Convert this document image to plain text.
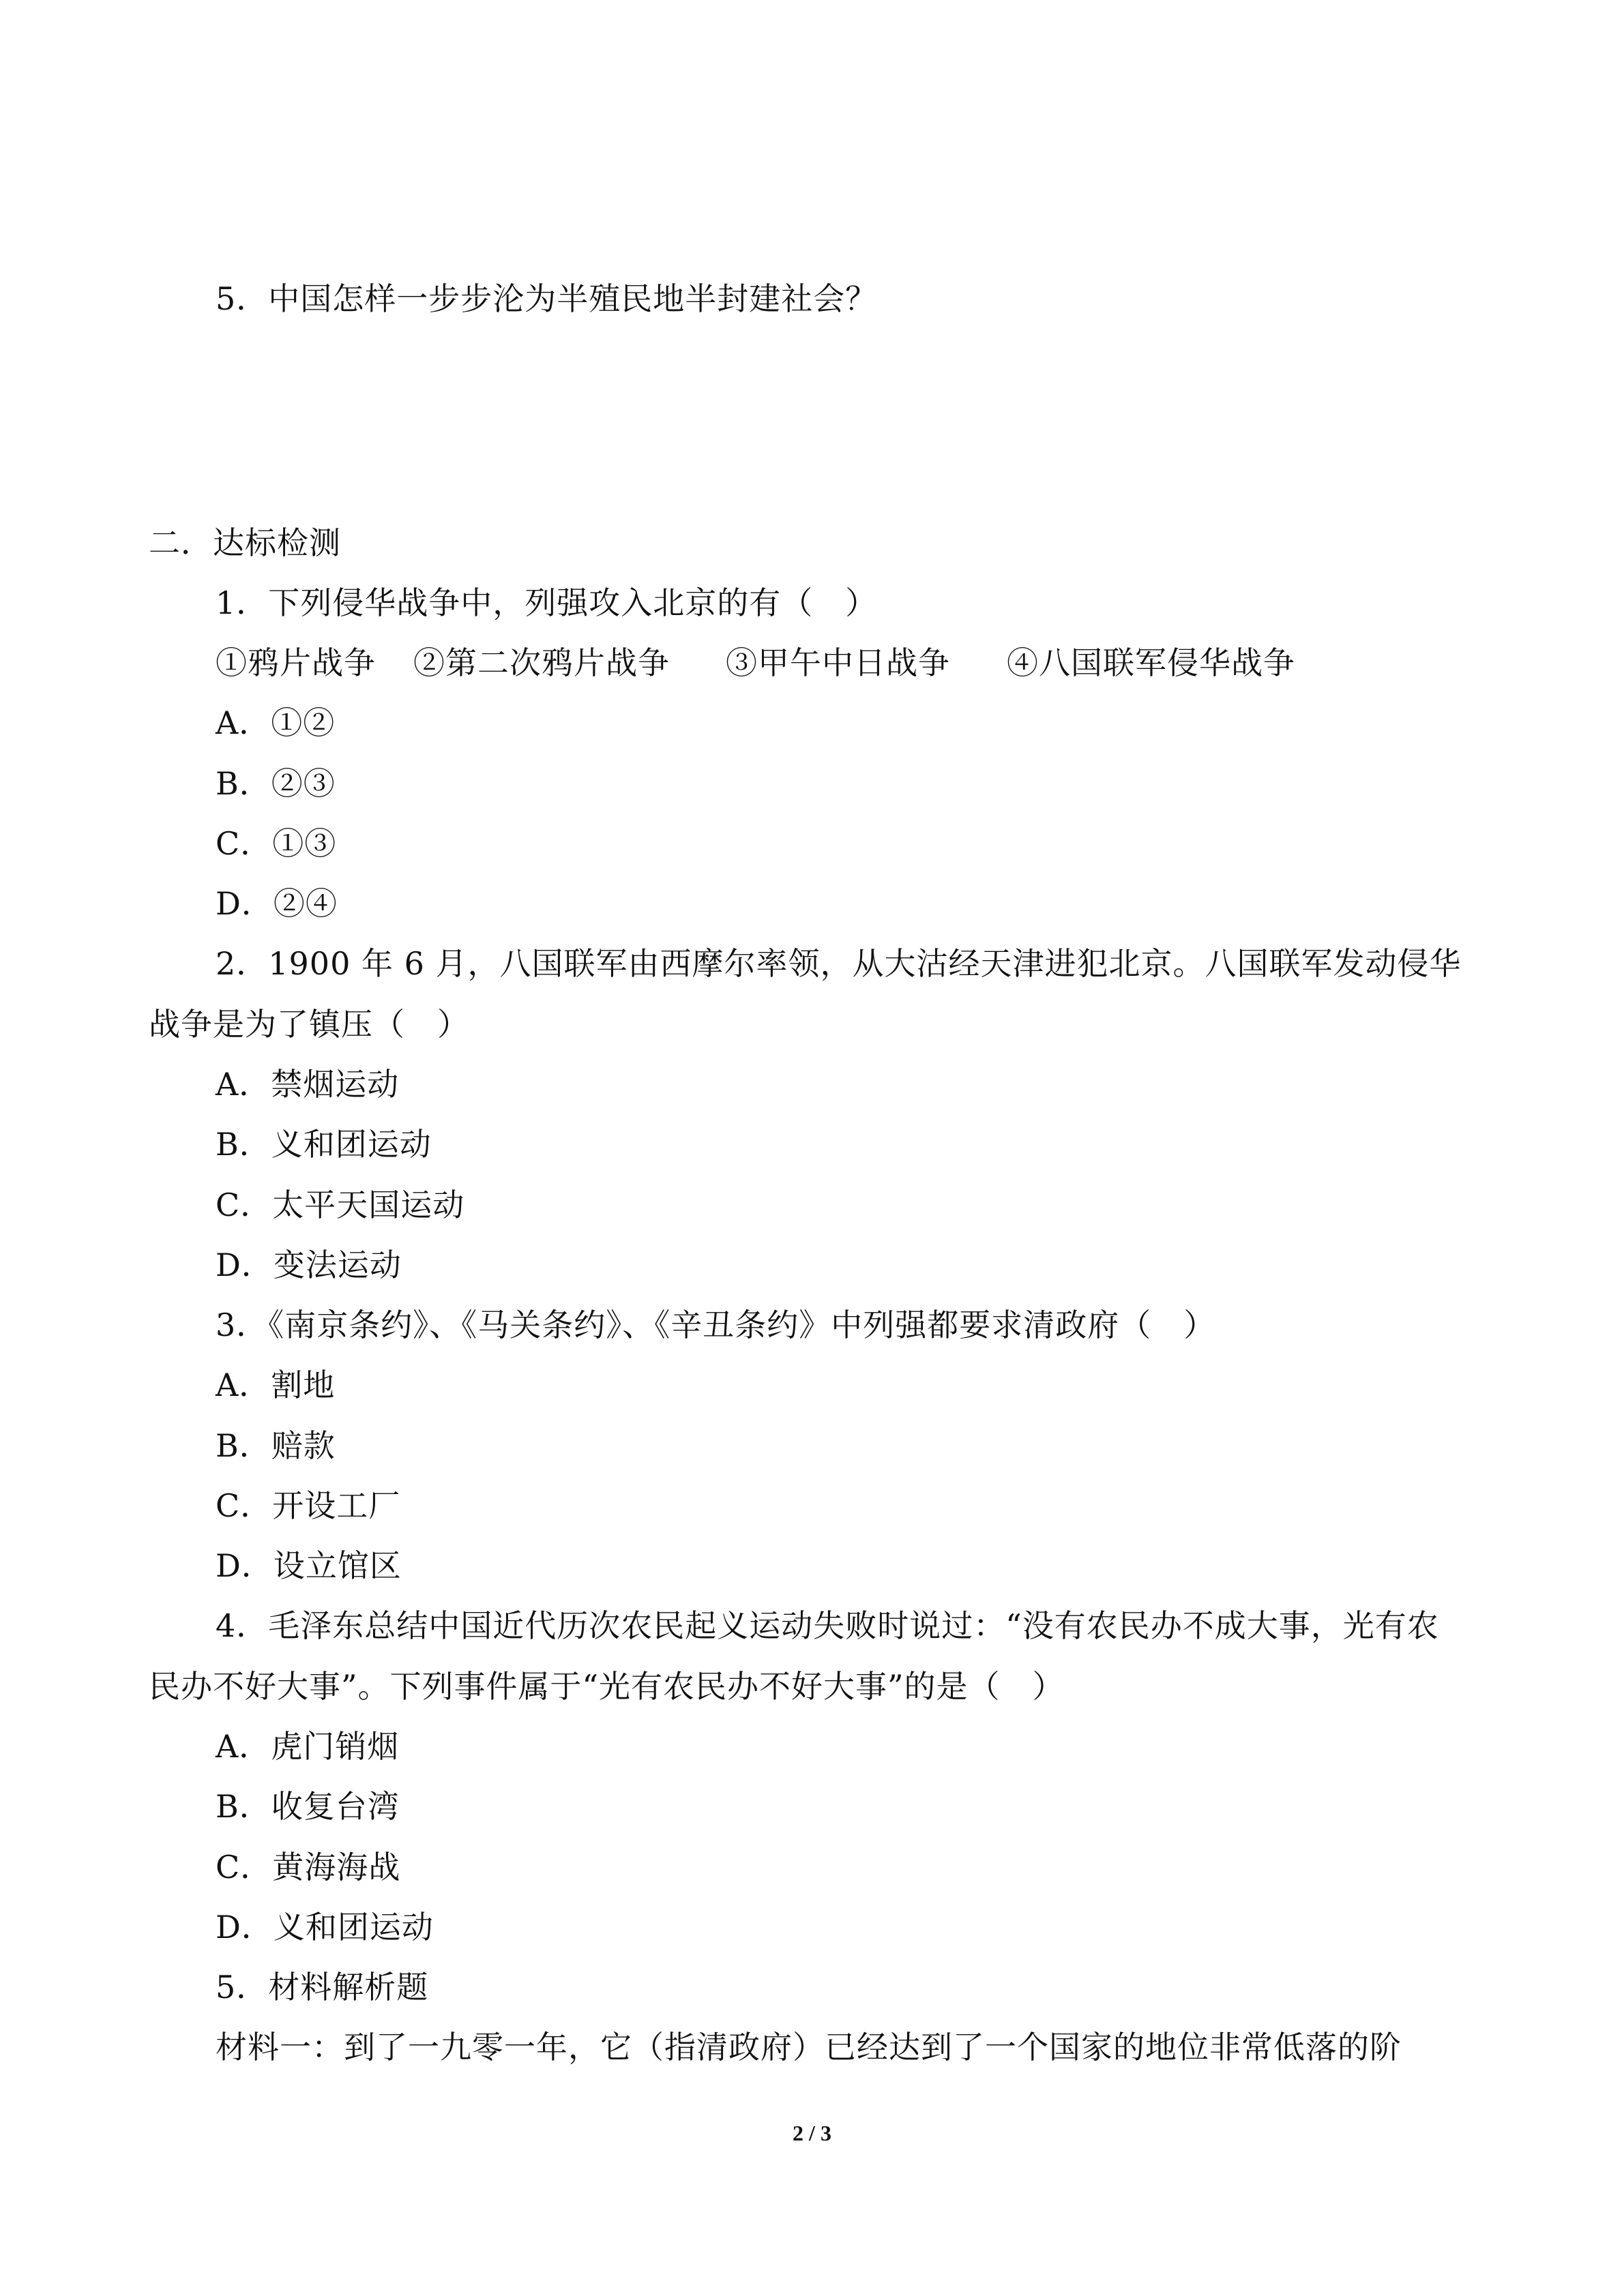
5．中国怎样一步步沦为半殖民地半封建社会？
二．达标检测
1．下列侵华战争中，列强攻入北京的有（　）
①鸦片战争 ②第二次鸦片战争 ③甲午中日战争 ④八国联军侵华战争
A．①②
B．②③
C．①③
D．②④
2．1900 年 6 月，八国联军由西摩尔率领，从大沽经天津进犯北京。八国联军发动侵华
战争是为了镇压（　）
A．禁烟运动
B．义和团运动
C．太平天国运动
D．变法运动
3．《南京条约》、《马关条约》、《辛丑条约》中列强都要求清政府（　）
A．割地
B．赔款
C．开设工厂
D．设立馆区
4．毛泽东总结中国近代历次农民起义运动失败时说过：“没有农民办不成大事，光有农
民办不好大事”。下列事件属于“光有农民办不好大事”的是（　）
A．虎门销烟
B．收复台湾
C．黄海海战
D．义和团运动
5．材料解析题
材料一：到了一九零一年，它（指清政府）已经达到了一个国家的地位非常低落的阶
2 / 3
